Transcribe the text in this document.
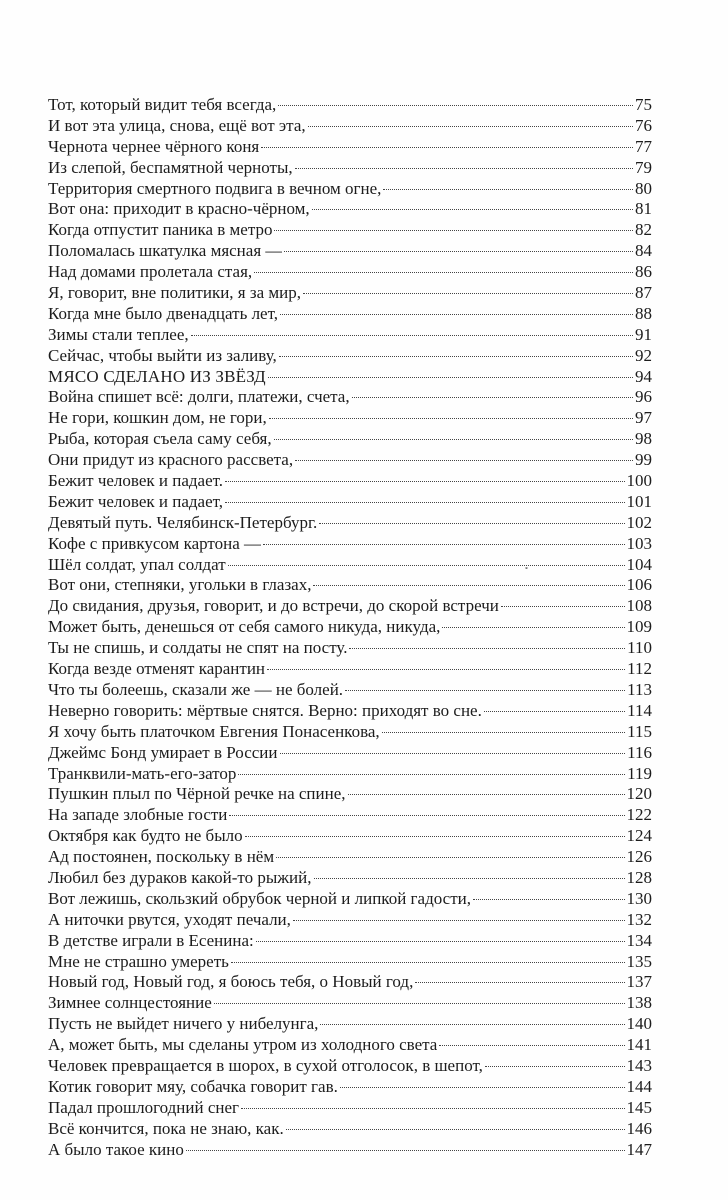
Тот, который видит тебя всегда,	75
И вот эта улица, снова, ещё вот эта,	76
Чернота чернее чёрного коня	77
Из слепой, беспамятной черноты,	79
Территория смертного подвига в вечном огне,	80
Вот она: приходит в красно-чёрном,	81
Когда отпустит паника в метро	82
Поломалась шкатулка мясная —	84
Над домами пролетала стая,	86
Я, говорит, вне политики, я за мир,	87
Когда мне было двенадцать лет,	88
Зимы стали теплее,	91
Сейчас, чтобы выйти из заливу,	92
МЯСО СДЕЛАНО ИЗ ЗВЁЗД	94
Война спишет всё: долги, платежи, счета,	96
Не гори, кошкин дом, не гори,	97
Рыба, которая съела саму себя,	98
Они придут из красного рассвета,	99
Бежит человек и падает.	100
Бежит человек и падает,	101
Девятый путь. Челябинск-Петербург.	102
Кофе с привкусом картона —	103
Шёл солдат, упал солдат	104
Вот они, степняки, угольки в глазах,	106
До свидания, друзья, говорит, и до встречи, до скорой встречи	108
Может быть, денешься от себя самого никуда, никуда,	109
Ты не спишь, и солдаты не спят на посту.	110
Когда везде отменят карантин	112
Что ты болеешь, сказали же — не болей.	113
Неверно говорить: мёртвые снятся. Верно: приходят во сне.	114
Я хочу быть платочком Евгения Понасенкова,	115
Джеймс Бонд умирает в России	116
Транквили-мать-его-затор	119
Пушкин плыл по Чёрной речке на спине,	120
На западе злобные гости	122
Октября как будто не было	124
Ад постоянен, поскольку в нём	126
Любил без дураков какой-то рыжий,	128
Вот лежишь, скользкий обрубок черной и липкой гадости,	130
А ниточки рвутся, уходят печали,	132
В детстве играли в Есенина:	134
Мне не страшно умереть	135
Новый год, Новый год, я боюсь тебя, о Новый год,	137
Зимнее солнцестояние	138
Пусть не выйдет ничего у нибелунга,	140
А, может быть, мы сделаны утром из холодного света	141
Человек превращается в шорох, в сухой отголосок, в шепот,	143
Котик говорит мяу, собачка говорит гав.	144
Падал прошлогодний снег	145
Всё кончится, пока не знаю, как.	146
А было такое кино	147
˟
